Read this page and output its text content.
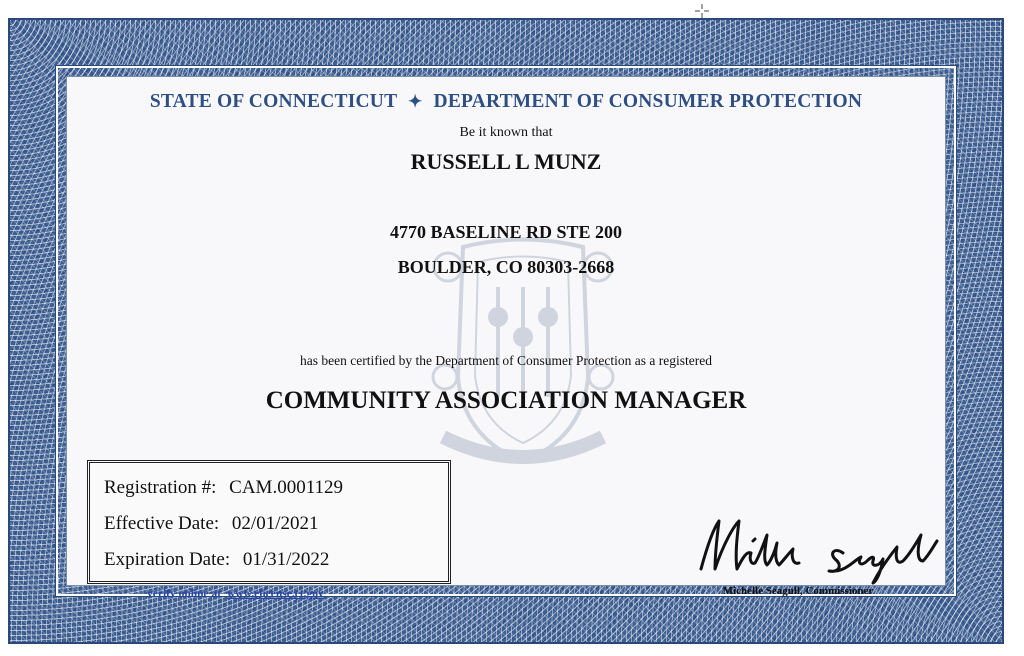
STATE OF CONNECTICUT ✦ DEPARTMENT OF CONSUMER PROTECTION
Be it known that
RUSSELL L MUNZ
4770 BASELINE RD STE 200
BOULDER, CO 80303-2668
has been certified by the Department of Consumer Protection as a registered
COMMUNITY ASSOCIATION MANAGER
Registration #: CAM.0001129
Effective Date: 02/01/2021
Expiration Date: 01/31/2022
verify online at www.elicense.ct.gov	Michelle Seagull, Commissioner
